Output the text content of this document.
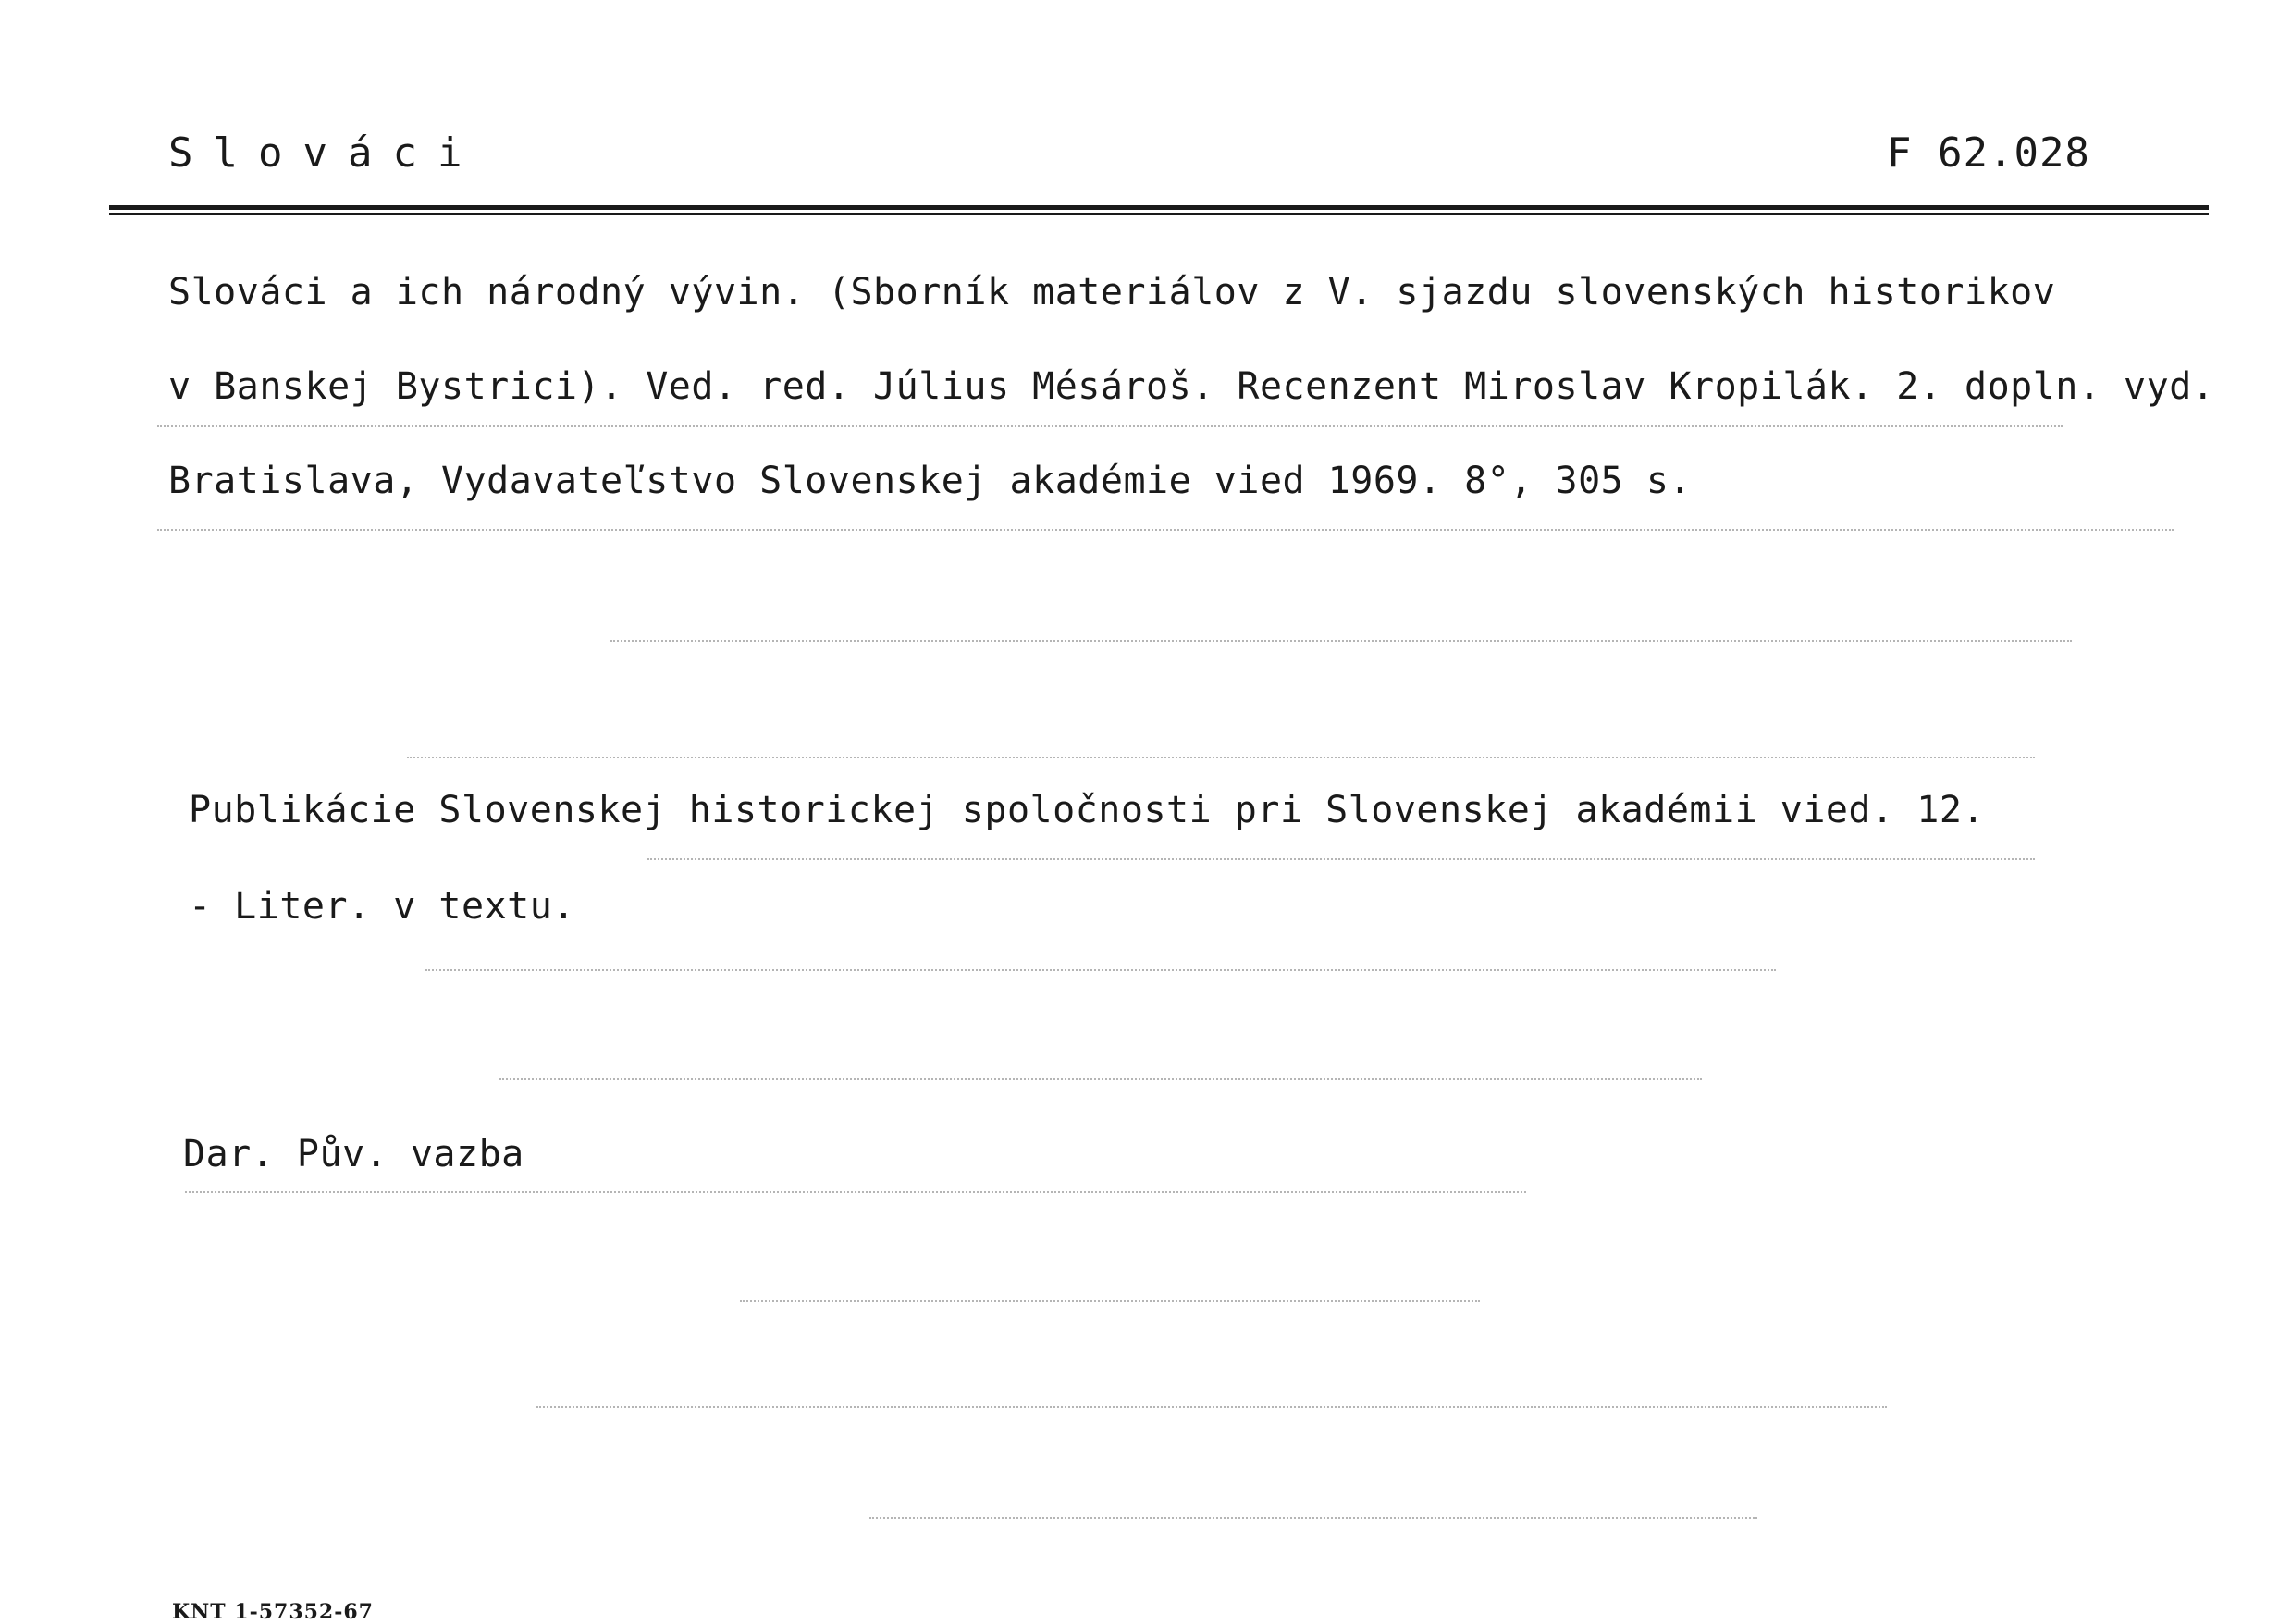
Slováci	F 62.028
Slováci a ich národný vývin. (Sborník materiálov z V. sjazdu slovenských historikov
v Banskej Bystrici). Ved. red. Július Mésároš. Recenzent Miroslav Kropilák. 2. dopln. vyd.
Bratislava, Vydavateľstvo Slovenskej akadémie vied 1969. 8°, 305 s.
Publikácie Slovenskej historickej spoločnosti pri Slovenskej akadémii vied. 12.
- Liter. v textu.
Dar. Pův. vazba
KNT 1-57352-67
